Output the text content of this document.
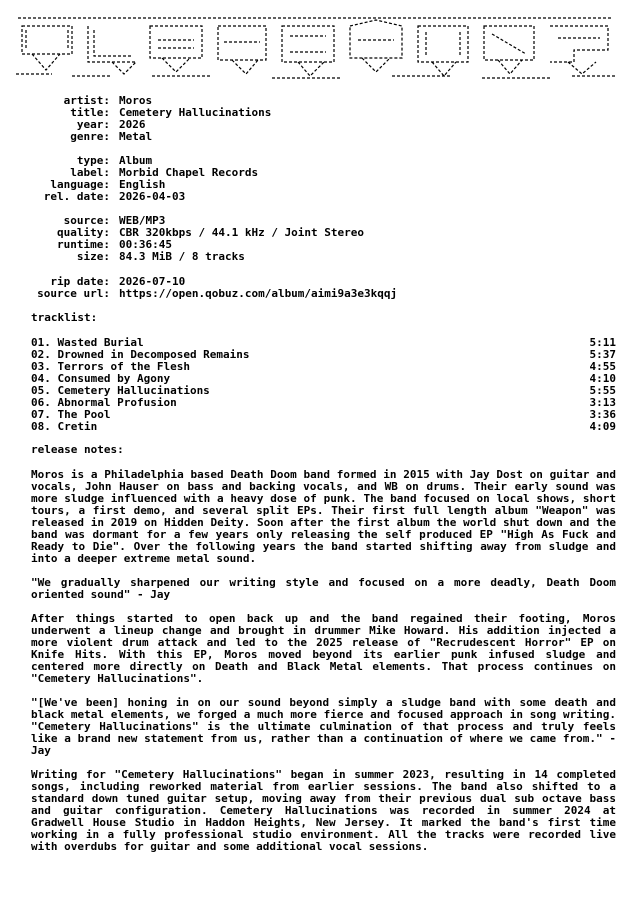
artist: Moros
title: Cemetery Hallucinations
year: 2026
genre: Metal
type: Album
label: Morbid Chapel Records
language: English
rel. date: 2026-04-03
source: WEB/MP3
quality: CBR 320kbps / 44.1 kHz / Joint Stereo
runtime: 00:36:45
size: 84.3 MiB / 8 tracks
rip date: 2026-07-10
source url: https://open.qobuz.com/album/aimi9a3e3kqqj
tracklist:
01. Wasted Burial	5:11
02. Drowned in Decomposed Remains	5:37
03. Terrors of the Flesh	4:55
04. Consumed by Agony	4:10
05. Cemetery Hallucinations	5:55
06. Abnormal Profusion	3:13
07. The Pool	3:36
08. Cretin	4:09
release notes:

Moros is a Philadelphia based Death Doom band formed in 2015 with Jay Dost on guitar and vocals, John Hauser on bass and backing vocals, and WB on drums. Their early sound was more sludge influenced with a heavy dose of punk. The band focused on local shows, short tours, a first demo, and several split EPs. Their first full length album "Weapon" was released in 2019 on Hidden Deity. Soon after the first album the world shut down and the band was dormant for a few years only releasing the self produced EP "High As Fuck and Ready to Die". Over the following years the band started shifting away from sludge and into a deeper extreme metal sound.

"We gradually sharpened our writing style and focused on a more deadly, Death Doom oriented sound" - Jay

After things started to open back up and the band regained their footing, Moros underwent a lineup change and brought in drummer Mike Howard. His addition injected a more violent drum attack and led to the 2025 release of "Recrudescent Horror" EP on Knife Hits. With this EP, Moros moved beyond its earlier punk infused sludge and centered more directly on Death and Black Metal elements. That process continues on "Cemetery Hallucinations".

"[We've been] honing in on our sound beyond simply a sludge band with some death and black metal elements, we forged a much more fierce and focused approach in song writing. "Cemetery Hallucinations" is the ultimate culmination of that process and truly feels like a brand new statement from us, rather than a continuation of where we came from." - Jay

Writing for "Cemetery Hallucinations" began in summer 2023, resulting in 14 completed songs, including reworked material from earlier sessions. The band also shifted to a standard down tuned guitar setup, moving away from their previous dual sub octave bass and guitar configuration. Cemetery Hallucinations was recorded in summer 2024 at Gradwell House Studio in Haddon Heights, New Jersey. It marked the band's first time working in a fully professional studio environment. All the tracks were recorded live with overdubs for guitar and some additional vocal sessions.
